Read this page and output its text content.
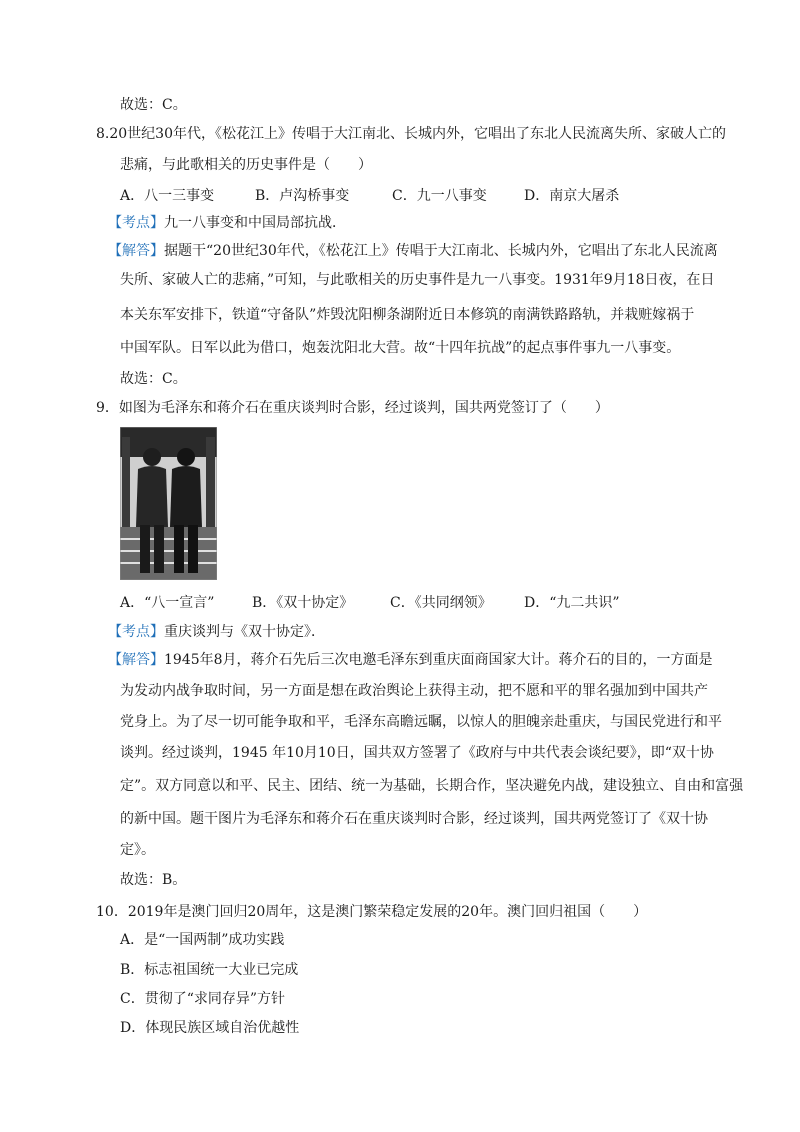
故选：C。
8.20世纪30年代，《松花江上》传唱于大江南北、长城内外，它唱出了东北人民流离失所、家破人亡的
悲痛，与此歌相关的历史事件是（　　）
A．八一三事变	B．卢沟桥事变	C．九一八事变	D．南京大屠杀
【考点】九一八事变和中国局部抗战．
【解答】据题干“20世纪30年代，《松花江上》传唱于大江南北、长城内外，它唱出了东北人民流离
失所、家破人亡的悲痛，”可知，与此歌相关的历史事件是九一八事变。1931年9月18日夜，在日
本关东军安排下，铁道“守备队”炸毁沈阳柳条湖附近日本修筑的南满铁路路轨，并栽赃嫁祸于
中国军队。日军以此为借口，炮轰沈阳北大营。故“十四年抗战”的起点事件事九一八事变。
故选：C。
9．如图为毛泽东和蒋介石在重庆谈判时合影，经过谈判，国共两党签订了（　　）
A．“八一宣言”	B．《双十协定》	C．《共同纲领》 D．“九二共识”
【考点】重庆谈判与《双十协定》．
【解答】1945年8月，蒋介石先后三次电邀毛泽东到重庆面商国家大计。蒋介石的目的，一方面是
为发动内战争取时间，另一方面是想在政治舆论上获得主动，把不愿和平的罪名强加到中国共产
党身上。为了尽一切可能争取和平，毛泽东高瞻远瞩，以惊人的胆魄亲赴重庆，与国民党进行和平
谈判。经过谈判，1945 年10月10日，国共双方签署了《政府与中共代表会谈纪要》，即“双十协
定”。双方同意以和平、民主、团结、统一为基础，长期合作，坚决避免内战，建设独立、自由和富强
的新中国。题干图片为毛泽东和蒋介石在重庆谈判时合影，经过谈判，国共两党签订了《双十协
定》。
故选：B。
10．2019年是澳门回归20周年，这是澳门繁荣稳定发展的20年。澳门回归祖国（　　）
A．是“一国两制”成功实践
B．标志祖国统一大业已完成
C．贯彻了“求同存异”方针
D．体现民族区域自治优越性
